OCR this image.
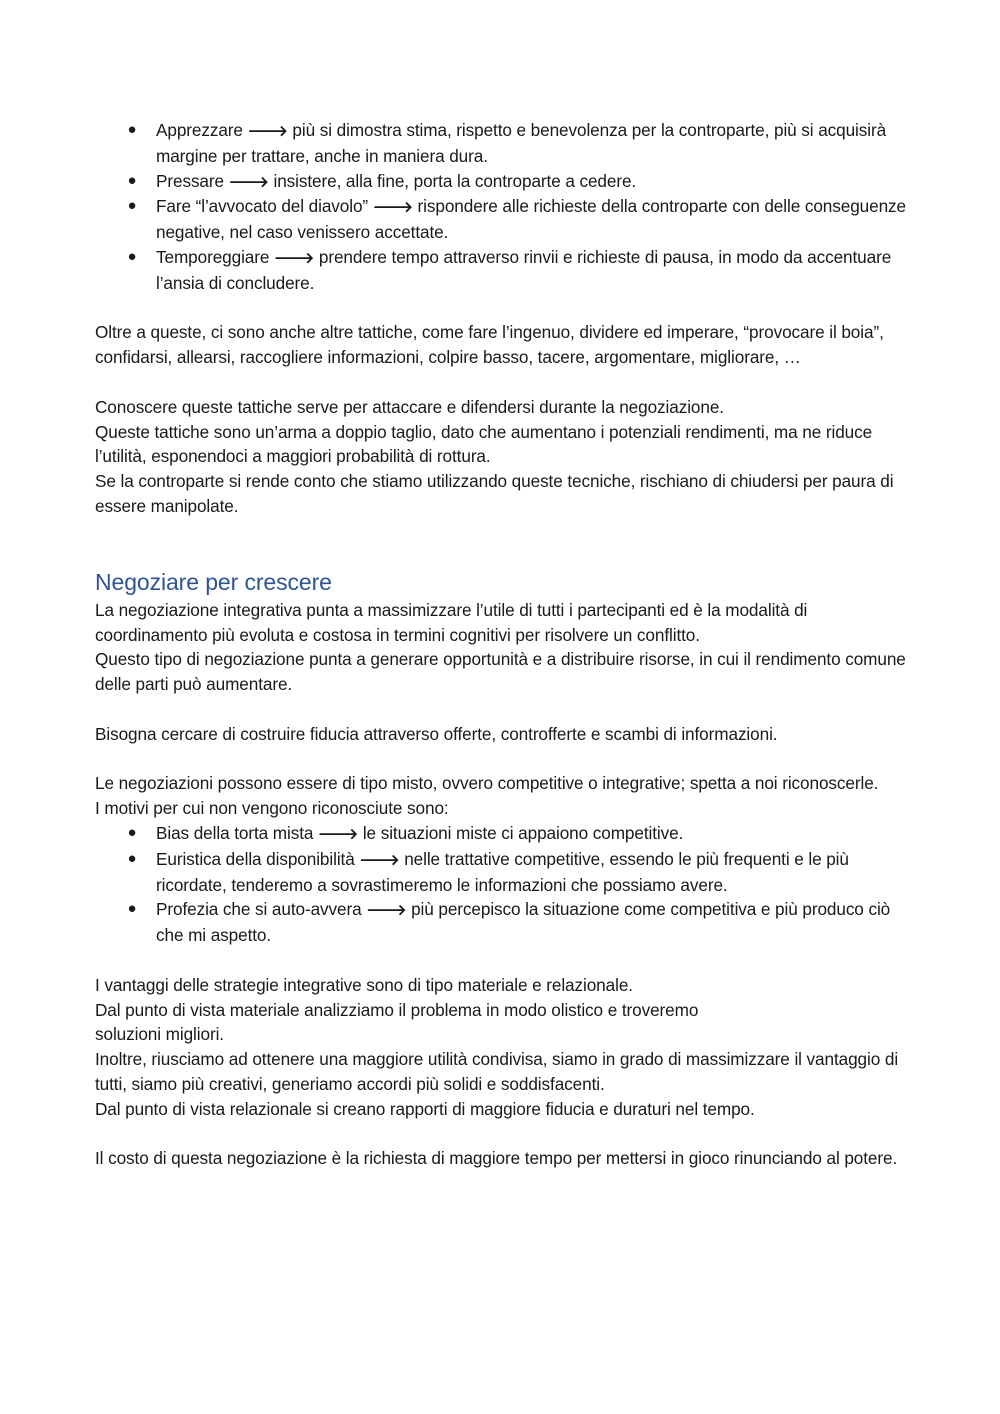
● Apprezzare 🡒 più si dimostra stima, rispetto e benevolenza per la controparte, più si acquisirà margine per trattare, anche in maniera dura.
● Pressare 🡒 insistere, alla fine, porta la controparte a cedere.
● Fare “l’avvocato del diavolo” 🡒 rispondere alle richieste della controparte con delle conseguenze negative, nel caso venissero accettate.
● Temporeggiare 🡒 prendere tempo attraverso rinvii e richieste di pausa, in modo da accentuare l’ansia di concludere.

Oltre a queste, ci sono anche altre tattiche, come fare l’ingenuo, dividere ed imperare, “provocare il boia”, confidarsi, allearsi, raccogliere informazioni, colpire basso, tacere, argomentare, migliorare, …

Conoscere queste tattiche serve per attaccare e difendersi durante la negoziazione.

Queste tattiche sono un’arma a doppio taglio, dato che aumentano i potenziali rendimenti, ma ne riduce l’utilità, esponendoci a maggiori probabilità di rottura.

Se la controparte si rende conto che stiamo utilizzando queste tecniche, rischiano di chiudersi per paura di essere manipolate.

Negoziare per crescere

La negoziazione integrativa punta a massimizzare l’utile di tutti i partecipanti ed è la modalità di coordinamento più evoluta e costosa in termini cognitivi per risolvere un conflitto.

Questo tipo di negoziazione punta a generare opportunità e a distribuire risorse, in cui il rendimento comune delle parti può aumentare.

Bisogna cercare di costruire fiducia attraverso offerte, controfferte e scambi di informazioni.

Le negoziazioni possono essere di tipo misto, ovvero competitive o integrative; spetta a noi riconoscerle.

I motivi per cui non vengono riconosciute sono:

● Bias della torta mista 🡒 le situazioni miste ci appaiono competitive.
● Euristica della disponibilità 🡒 nelle trattative competitive, essendo le più frequenti e le più ricordate, tenderemo a sovrastimeremo le informazioni che possiamo avere.
● Profezia che si auto-avvera 🡒 più percepisco la situazione come competitiva e più produco ciò che mi aspetto.

I vantaggi delle strategie integrative sono di tipo materiale e relazionale.

Dal punto di vista materiale analizziamo il problema in modo olistico e troveremo

soluzioni migliori.

Inoltre, riusciamo ad ottenere una maggiore utilità condivisa, siamo in grado di massimizzare il vantaggio di tutti, siamo più creativi, generiamo accordi più solidi e soddisfacenti.

Dal punto di vista relazionale si creano rapporti di maggiore fiducia e duraturi nel tempo.

Il costo di questa negoziazione è la richiesta di maggiore tempo per mettersi in gioco rinunciando al potere.
